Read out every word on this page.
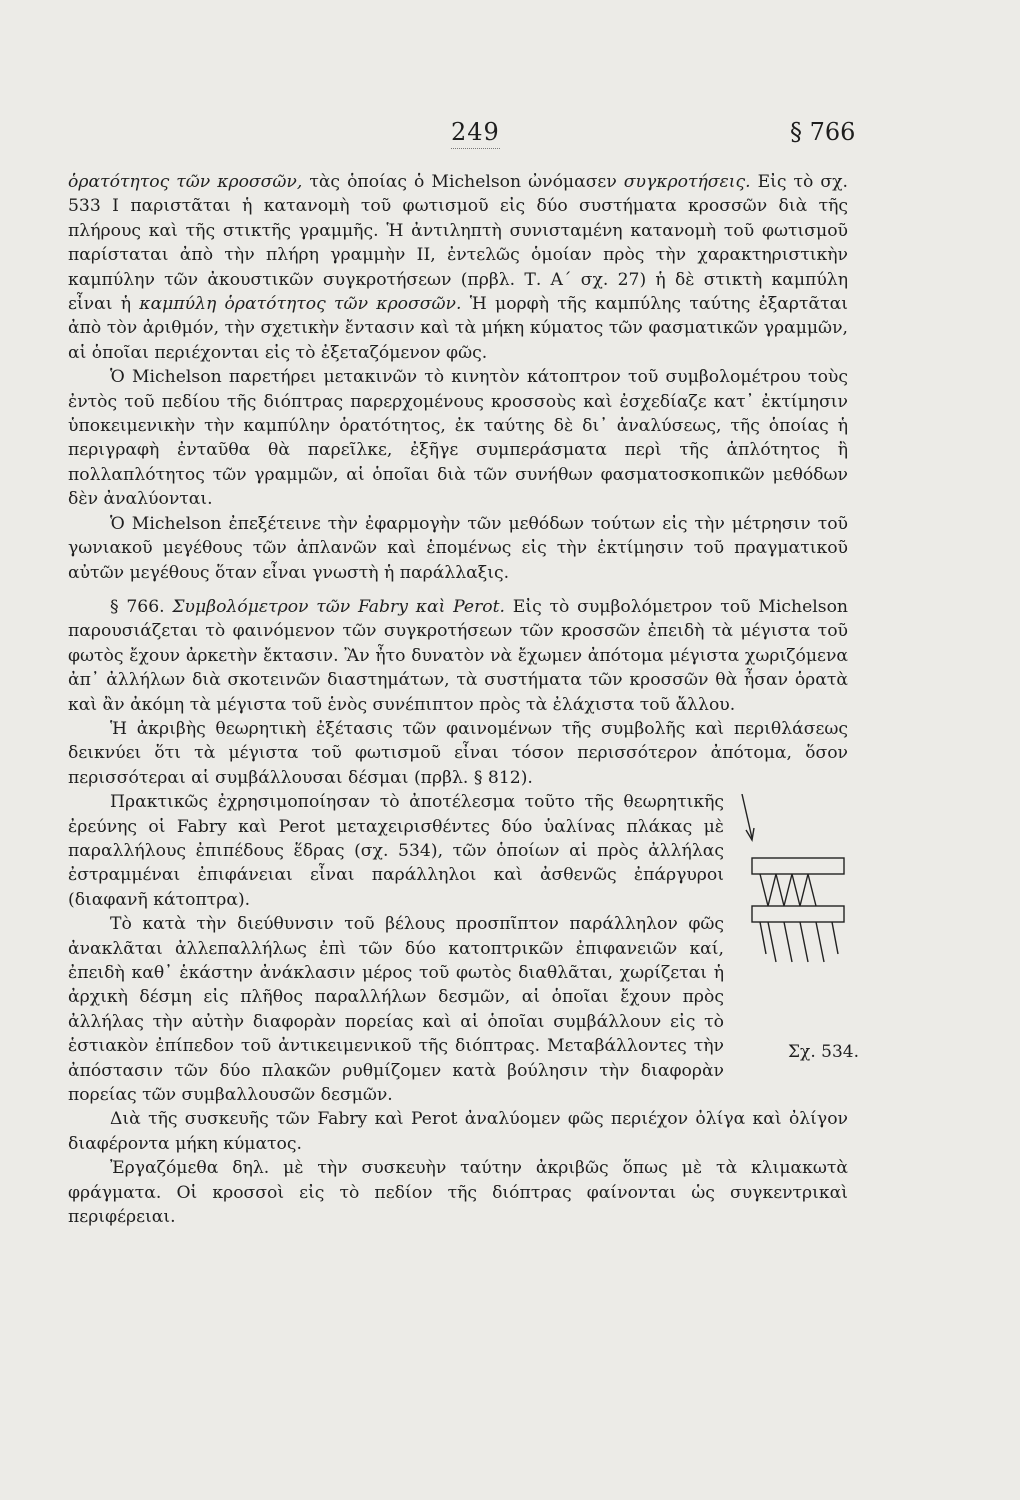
249	§ 766

ὁρατότητος τῶν κροσσῶν, τὰς ὁποίας ὁ Michelson ὠνόμασεν συγκροτήσεις. Εἰς τὸ σχ. 533 I παριστᾶται ἡ κατανομὴ τοῦ φωτισμοῦ εἰς δύο συστήματα κροσσῶν διὰ τῆς πλήρους καὶ τῆς στικτῆς γραμμῆς. Ἡ ἀντιληπτὴ συνισταμένη κατανομὴ τοῦ φωτισμοῦ παρίσταται ἀπὸ τὴν πλήρη γραμμὴν II, ἐντελῶς ὁμοίαν πρὸς τὴν χαρακτηριστικὴν καμπύλην τῶν ἀκουστικῶν συγκροτήσεων (πρβλ. Τ. Α΄ σχ. 27) ἡ δὲ στικτὴ καμπύλη εἶναι ἡ καμπύλη ὁρατότητος τῶν κροσσῶν. Ἡ μορφὴ τῆς καμπύλης ταύτης ἐξαρτᾶται ἀπὸ τὸν ἀριθμόν, τὴν σχετικὴν ἔντασιν καὶ τὰ μήκη κύματος τῶν φασματικῶν γραμμῶν, αἱ ὁποῖαι περιέχονται εἰς τὸ ἐξεταζόμενον φῶς.

Ὁ Michelson παρετήρει μετακινῶν τὸ κινητὸν κάτοπτρον τοῦ συμβολομέτρου τοὺς ἐντὸς τοῦ πεδίου τῆς διόπτρας παρερχομένους κροσσοὺς καὶ ἐσχεδίαζε κατ᾽ ἐκτίμησιν ὑποκειμενικὴν τὴν καμπύλην ὁρατότητος, ἐκ ταύτης δὲ δι᾽ ἀναλύσεως, τῆς ὁποίας ἡ περιγραφὴ ἐνταῦθα θὰ παρεῖλκε, ἐξῆγε συμπεράσματα περὶ τῆς ἁπλότητος ἢ πολλαπλότητος τῶν γραμμῶν, αἱ ὁποῖαι διὰ τῶν συνήθων φασματοσκοπικῶν μεθόδων δὲν ἀναλύονται.

Ὁ Michelson ἐπεξέτεινε τὴν ἐφαρμογὴν τῶν μεθόδων τούτων εἰς τὴν μέτρησιν τοῦ γωνιακοῦ μεγέθους τῶν ἀπλανῶν καὶ ἑπομένως εἰς τὴν ἐκτίμησιν τοῦ πραγματικοῦ αὐτῶν μεγέθους ὅταν εἶναι γνωστὴ ἡ παράλλαξις.

§ 766. Συμβολόμετρον τῶν Fabry καὶ Perot. Εἰς τὸ συμβολόμετρον τοῦ Michelson παρουσιάζεται τὸ φαινόμενον τῶν συγκροτήσεων τῶν κροσσῶν ἐπειδὴ τὰ μέγιστα τοῦ φωτὸς ἔχουν ἀρκετὴν ἔκτασιν. Ἂν ἦτο δυνατὸν νὰ ἔχωμεν ἀπότομα μέγιστα χωριζόμενα ἀπ᾽ ἀλλήλων διὰ σκοτεινῶν διαστημάτων, τὰ συστήματα τῶν κροσσῶν θὰ ἦσαν ὁρατὰ καὶ ἂν ἀκόμη τὰ μέγιστα τοῦ ἑνὸς συνέπιπτον πρὸς τὰ ἐλάχιστα τοῦ ἄλλου.

Ἡ ἀκριβὴς θεωρητικὴ ἐξέτασις τῶν φαινομένων τῆς συμβολῆς καὶ περιθλάσεως δεικνύει ὅτι τὰ μέγιστα τοῦ φωτισμοῦ εἶναι τόσον περισσότερον ἀπότομα, ὅσον περισσότεραι αἱ συμβάλλουσαι δέσμαι (πρβλ. § 812).

Σχ. 534.

Πρακτικῶς ἐχρησιμοποίησαν τὸ ἀποτέλεσμα τοῦτο τῆς θεωρητικῆς ἐρεύνης οἱ Fabry καὶ Perot μεταχειρισθέντες δύο ὑαλίνας πλάκας μὲ παραλλήλους ἐπιπέδους ἕδρας (σχ. 534), τῶν ὁποίων αἱ πρὸς ἀλλήλας ἐστραμμέναι ἐπιφάνειαι εἶναι παράλληλοι καὶ ἀσθενῶς ἐπάργυροι (διαφανῆ κάτοπτρα).

Τὸ κατὰ τὴν διεύθυνσιν τοῦ βέλους προσπῖπτον παράλληλον φῶς ἀνακλᾶται ἀλλεπαλλήλως ἐπὶ τῶν δύο κατοπτρικῶν ἐπιφανειῶν καί, ἐπειδὴ καθ᾽ ἑκάστην ἀνάκλασιν μέρος τοῦ φωτὸς διαθλᾶται, χωρίζεται ἡ ἀρχικὴ δέσμη εἰς πλῆθος παραλλήλων δεσμῶν, αἱ ὁποῖαι ἔχουν πρὸς ἀλλήλας τὴν αὐτὴν διαφορὰν πορείας καὶ αἱ ὁποῖαι συμβάλλουν εἰς τὸ ἑστιακὸν ἐπίπεδον τοῦ ἀντικειμενικοῦ τῆς διόπτρας. Μεταβάλλοντες τὴν ἀπόστασιν τῶν δύο πλακῶν ρυθμίζομεν κατὰ βούλησιν τὴν διαφορὰν πορείας τῶν συμβαλλουσῶν δεσμῶν.

Διὰ τῆς συσκευῆς τῶν Fabry καὶ Perot ἀναλύομεν φῶς περιέχον ὀλίγα καὶ ὀλίγον διαφέροντα μήκη κύματος.

Ἐργαζόμεθα δηλ. μὲ τὴν συσκευὴν ταύτην ἀκριβῶς ὅπως μὲ τὰ κλιμακωτὰ φράγματα. Οἱ κροσσοὶ εἰς τὸ πεδίον τῆς διόπτρας φαίνονται ὡς συγκεντρικαὶ περιφέρειαι.
